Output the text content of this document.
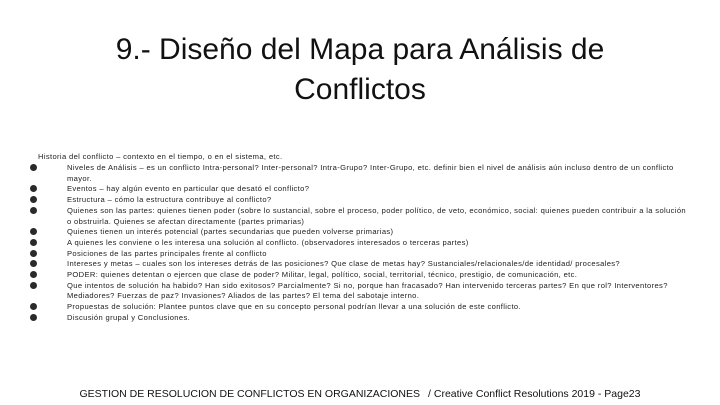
9.- Diseño del Mapa para Análisis de
Conflictos
Historia del conflicto – contexto en el tiempo, o en el sistema, etc.
Niveles de Análisis – es un conflicto Intra-personal? Inter-personal? Intra-Grupo? Inter-Grupo, etc. definir bien el nivel de análisis aún incluso dentro de un conflicto mayor.
Eventos – hay algún evento en particular que desató el conflicto?
Estructura – cómo la estructura contribuye al conflicto?
Quienes son las partes: quienes tienen poder (sobre lo sustancial, sobre el proceso, poder político, de veto, económico, social: quienes pueden contribuir a la solución o obstruirla. Quienes se afectan directamente (partes primarias)
Quienes tienen un interés potencial (partes secundarias que pueden volverse primarias)
A quienes les conviene o les interesa una solución al conflicto. (observadores interesados o terceras partes)
Posiciones de las partes principales frente al conflicto
Intereses y metas – cuales son los intereses detrás de las posiciones? Que clase de metas hay? Sustanciales/relacionales/de identidad/ procesales?
PODER: quienes detentan o ejercen que clase de poder? Militar, legal, político, social, territorial, técnico, prestigio, de comunicación, etc.
Que intentos de solución ha habido? Han sido exitosos? Parcialmente? Si no, porque han fracasado? Han intervenido terceras partes? En que rol? Interventores? Mediadores? Fuerzas de paz? Invasiones? Aliados de las partes? El tema del sabotaje interno.
Propuestas de solución: Plantee puntos clave que en su concepto personal podrían llevar a una solución de este conflicto.
Discusión grupal y Conclusiones.
GESTION DE RESOLUCION DE CONFLICTOS EN ORGANIZACIONES / Creative Conflict Resolutions 2019 - Page23
